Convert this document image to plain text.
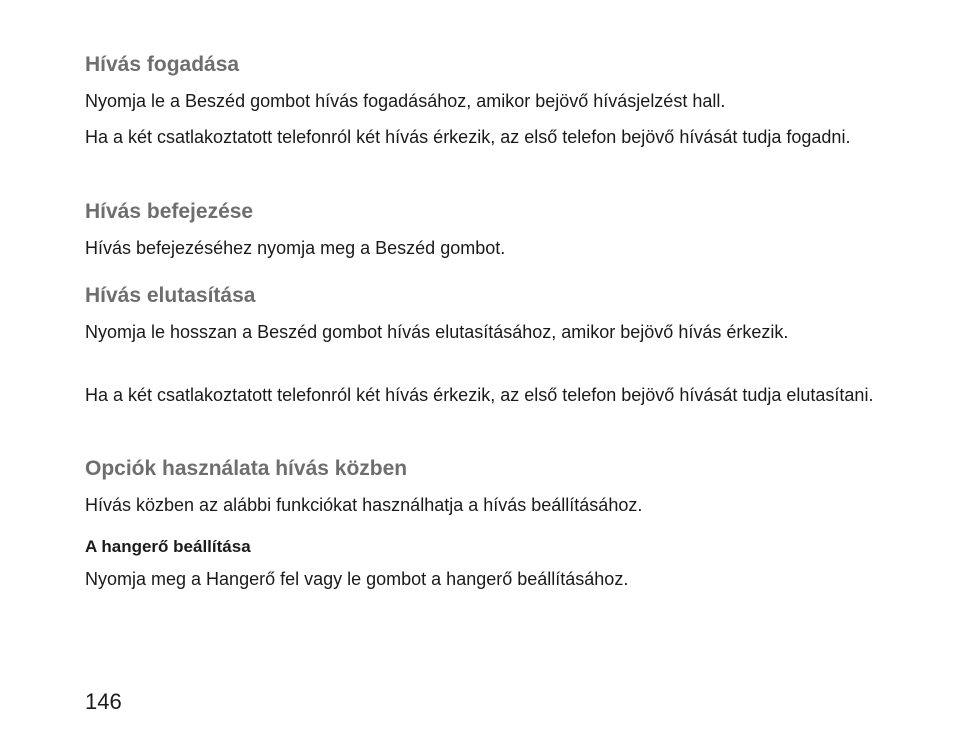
Hívás fogadása

Nyomja le a Beszéd gombot hívás fogadásához, amikor bejövő hívásjelzést hall.

Ha a két csatlakoztatott telefonról két hívás érkezik, az első telefon bejövő hívását tudja fogadni.

Hívás befejezése

Hívás befejezéséhez nyomja meg a Beszéd gombot.

Hívás elutasítása

Nyomja le hosszan a Beszéd gombot hívás elutasításához, amikor bejövő hívás érkezik.

Ha a két csatlakoztatott telefonról két hívás érkezik, az első telefon bejövő hívását tudja elutasítani.

Opciók használata hívás közben

Hívás közben az alábbi funkciókat használhatja a hívás beállításához.

A hangerő beállítása

Nyomja meg a Hangerő fel vagy le gombot a hangerő beállításához.

146
